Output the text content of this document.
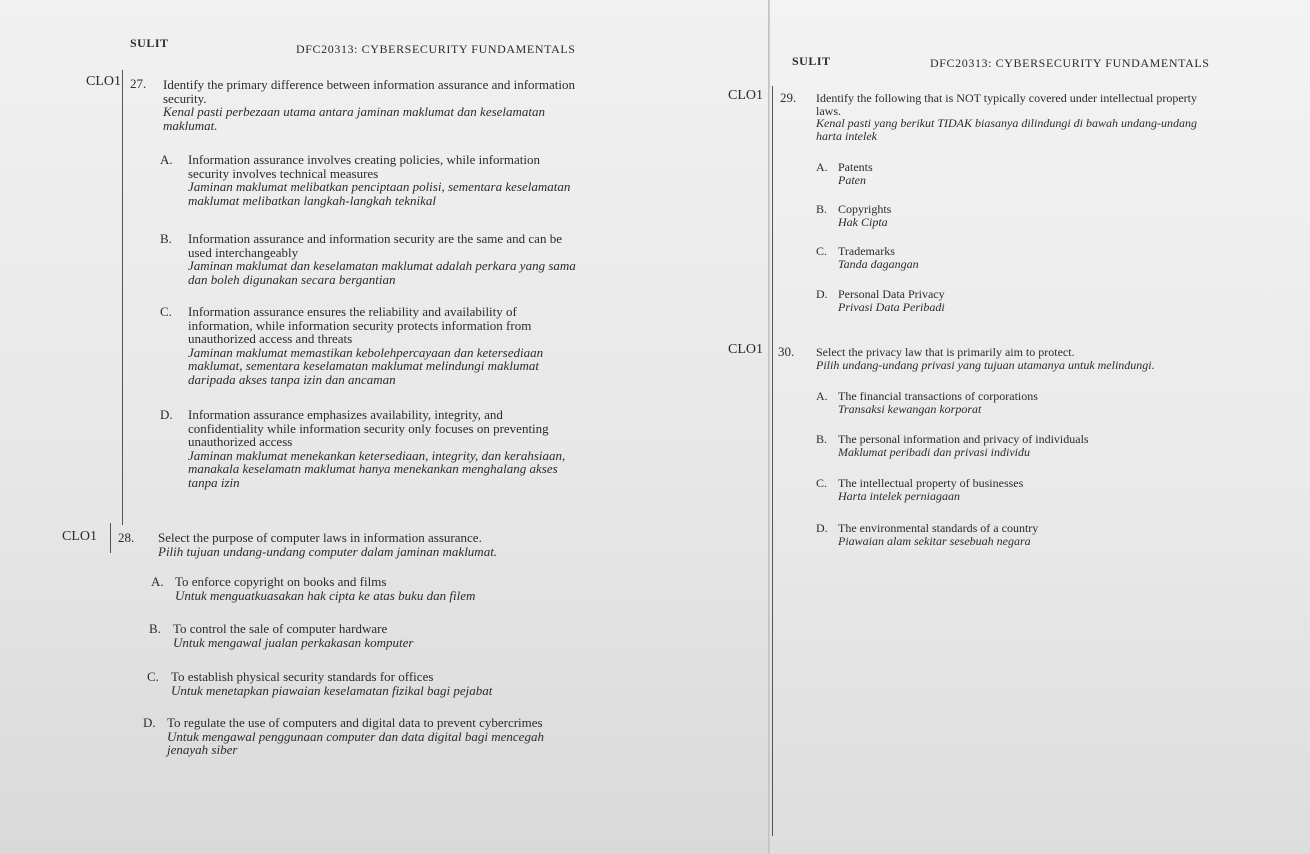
SULIT	DFC20313: CYBERSECURITY FUNDAMENTALS
CLO1 27. Identify the primary difference between information assurance and information security.
Kenal pasti perbezaan utama antara jaminan maklumat dan keselamatan maklumat.
A. Information assurance involves creating policies, while information security involves technical measures
Jaminan maklumat melibatkan penciptaan polisi, sementara keselamatan maklumat melibatkan langkah-langkah teknikal
B. Information assurance and information security are the same and can be used interchangeably
Jaminan maklumat dan keselamatan maklumat adalah perkara yang sama dan boleh digunakan secara bergantian
C. Information assurance ensures the reliability and availability of information, while information security protects information from unauthorized access and threats
Jaminan maklumat memastikan kebolehpercayaan dan ketersediaan maklumat, sementara keselamatan maklumat melindungi maklumat daripada akses tanpa izin dan ancaman
D. Information assurance emphasizes availability, integrity, and confidentiality while information security only focuses on preventing unauthorized access
Jaminan maklumat menekankan ketersediaan, integrity, dan kerahsiaan, manakala keselamatn maklumat hanya menekankan menghalang akses tanpa izin
CLO1 28. Select the purpose of computer laws in information assurance.
Pilih tujuan undang-undang computer dalam jaminan maklumat.
A. To enforce copyright on books and films
Untuk menguatkuasakan hak cipta ke atas buku dan filem
B. To control the sale of computer hardware
Untuk mengawal jualan perkakasan komputer
C. To establish physical security standards for offices
Untuk menetapkan piawaian keselamatan fizikal bagi pejabat
D. To regulate the use of computers and digital data to prevent cybercrimes
Untuk mengawal penggunaan computer dan data digital bagi mencegah jenayah siber
SULIT	DFC20313: CYBERSECURITY FUNDAMENTALS
CLO1 29. Identify the following that is NOT typically covered under intellectual property laws.
Kenal pasti yang berikut TIDAK biasanya dilindungi di bawah undang-undang harta intelek
A. Patents
Paten
B. Copyrights
Hak Cipta
C. Trademarks
Tanda dagangan
D. Personal Data Privacy
Privasi Data Peribadi
CLO1 30. Select the privacy law that is primarily aim to protect.
Pilih undang-undang privasi yang tujuan utamanya untuk melindungi.
A. The financial transactions of corporations
Transaksi kewangan korporat
B. The personal information and privacy of individuals
Maklumat peribadi dan privasi individu
C. The intellectual property of businesses
Harta intelek perniagaan
D. The environmental standards of a country
Piawaian alam sekitar sesebuah negara
